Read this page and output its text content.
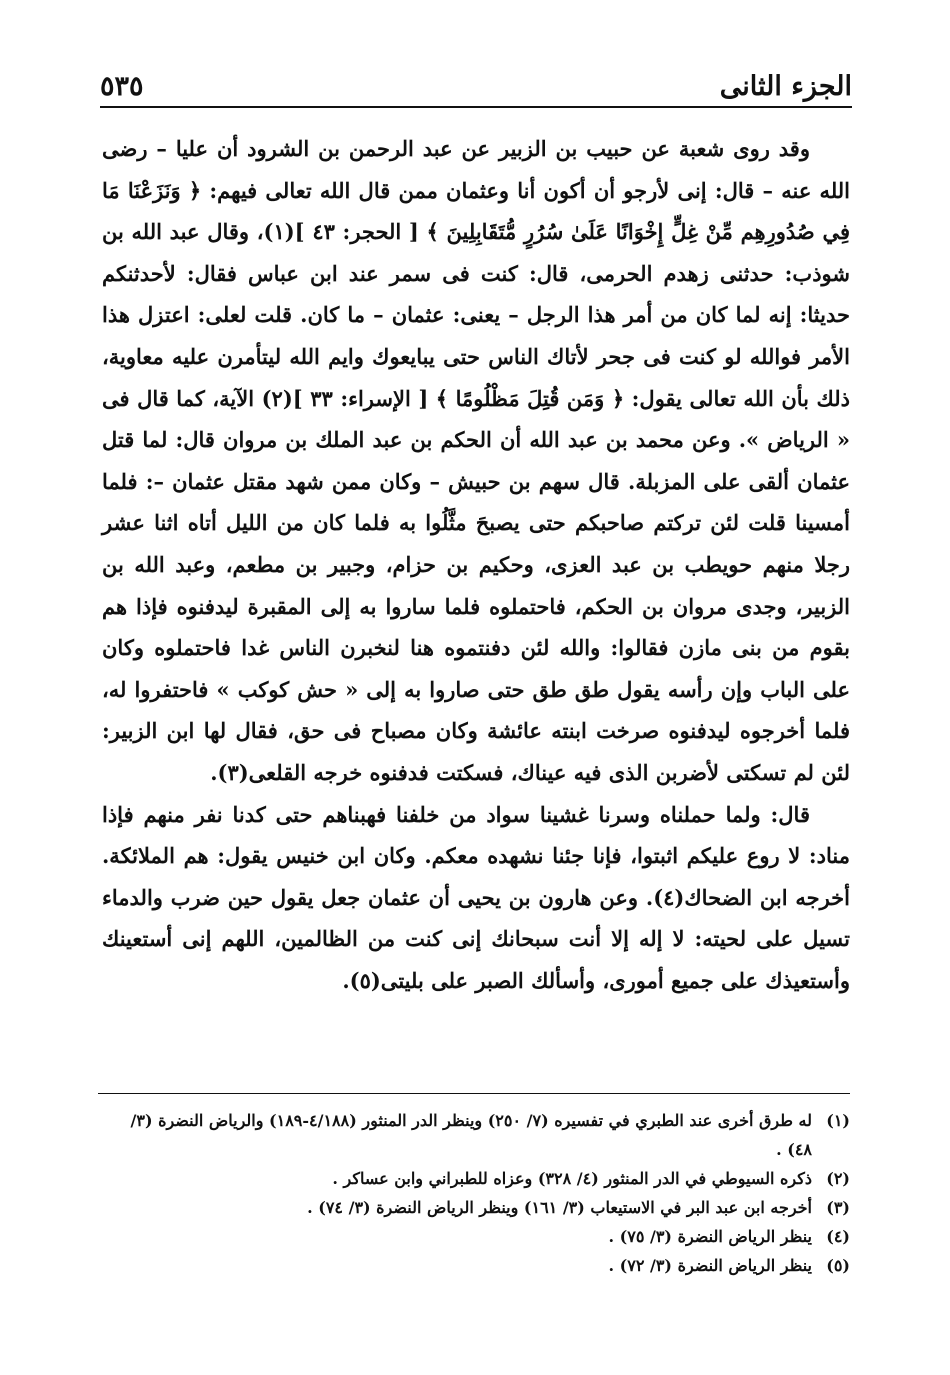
الجزء الثانى
٥٣٥

وقد روى شعبة عن حبيب بن الزبير عن عبد الرحمن بن الشرود أن عليا – رضى الله عنه – قال: إنى لأرجو أن أكون أنا وعثمان ممن قال الله تعالى فيهم: ﴿ وَنَزَعْنَا مَا فِي صُدُورِهِم مِّنْ غِلٍّ إِخْوَانًا عَلَىٰ سُرُرٍ مُّتَقَابِلِينَ ﴾ [ الحجر: ٤٣ ](١)، وقال عبد الله بن شوذب: حدثنى زهدم الحرمى، قال: كنت فى سمر عند ابن عباس فقال: لأحدثنكم حديثا: إنه لما كان من أمر هذا الرجل – يعنى: عثمان – ما كان. قلت لعلى: اعتزل هذا الأمر فوالله لو كنت فى جحر لأتاك الناس حتى يبايعوك وايم الله ليتأمرن عليه معاوية، ذلك بأن الله تعالى يقول: ﴿ وَمَن قُتِلَ مَظْلُومًا ﴾ [ الإسراء: ٣٣ ](٢) الآية، كما قال فى « الرياض ». وعن محمد بن عبد الله أن الحكم بن عبد الملك بن مروان قال: لما قتل عثمان ألقى على المزبلة. قال سهم بن حبيش – وكان ممن شهد مقتل عثمان –: فلما أمسينا قلت لئن تركتم صاحبكم حتى يصبحَ مثَّلُوا به فلما كان من الليل أتاه اثنا عشر رجلا منهم حويطب بن عبد العزى، وحكيم بن حزام، وجبير بن مطعم، وعبد الله بن الزبير، وجدى مروان بن الحكم، فاحتملوه فلما ساروا به إلى المقبرة ليدفنوه فإذا هم بقوم من بنى مازن فقالوا: والله لئن دفنتموه هنا لنخبرن الناس غدا فاحتملوه وكان على الباب وإن رأسه يقول طق طق حتى صاروا به إلى « حش كوكب » فاحتفروا له، فلما أخرجوه ليدفنوه صرخت ابنته عائشة وكان مصباح فى حق، فقال لها ابن الزبير: لئن لم تسكتى لأضربن الذى فيه عيناك، فسكتت فدفنوه خرجه القلعى(٣).

قال: ولما حملناه وسرنا غشينا سواد من خلفنا فهبناهم حتى كدنا نفر منهم فإذا مناد: لا روع عليكم اثبتوا، فإنا جئنا نشهده معكم. وكان ابن خنيس يقول: هم الملائكة. أخرجه ابن الضحاك(٤). وعن هارون بن يحيى أن عثمان جعل يقول حين ضرب والدماء تسيل على لحيته: لا إله إلا أنت سبحانك إنى كنت من الظالمين، اللهم إنى أستعينك وأستعيذك على جميع أمورى، وأسألك الصبر على بليتى(٥).

(١)
له طرق أخرى عند الطبري في تفسيره (٧/ ٢٥٠) وينظر الدر المنثور (٤/١٨٨-١٨٩) والرياض النضرة (٣/ ٤٨) .
(٢)
ذكره السيوطي في الدر المنثور (٤/ ٣٢٨) وعزاه للطبراني وابن عساكر .
(٣)
أخرجه ابن عبد البر في الاستيعاب (٣/ ١٦١) وينظر الرياض النضرة (٣/ ٧٤) .
(٤)
ينظر الرياض النضرة (٣/ ٧٥) .
(٥)
ينظر الرياض النضرة (٣/ ٧٢) .
